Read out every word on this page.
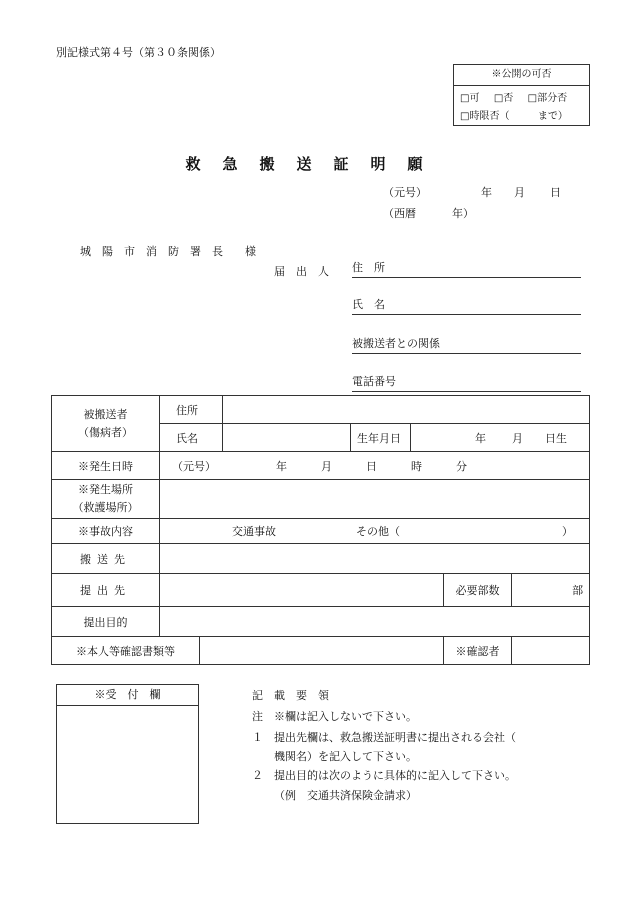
別記様式第４号（第３０条関係）
※公開の可否
□可 □否 □部分否
□時限否（	まで）
救急搬送証明願
（元号）	年 月 日
（西暦	年）
城　陽　市　消　防　署　長　　様
届　出　人 住　所
氏　名
被搬送者との関係
電話番号
被搬送者
（傷病者）	住所						
	氏名			生年月日	年 月 日生		
※発生日時	（元号） 年 月 日 時 分						
※発生場所
（救護場所）							
※事故内容	交通事故 その他（ ）						
搬送先							
提出先						必要部数	部
提出目的							
※本人等確認書類等						※確認者	
※受　付　欄	記　載　要　領
注　※欄は記入しないで下さい。
１　提出先欄は、救急搬送証明書に提出される会社（
機関名）を記入して下さい。
２　提出目的は次のように具体的に記入して下さい。
（例　交通共済保険金請求）
